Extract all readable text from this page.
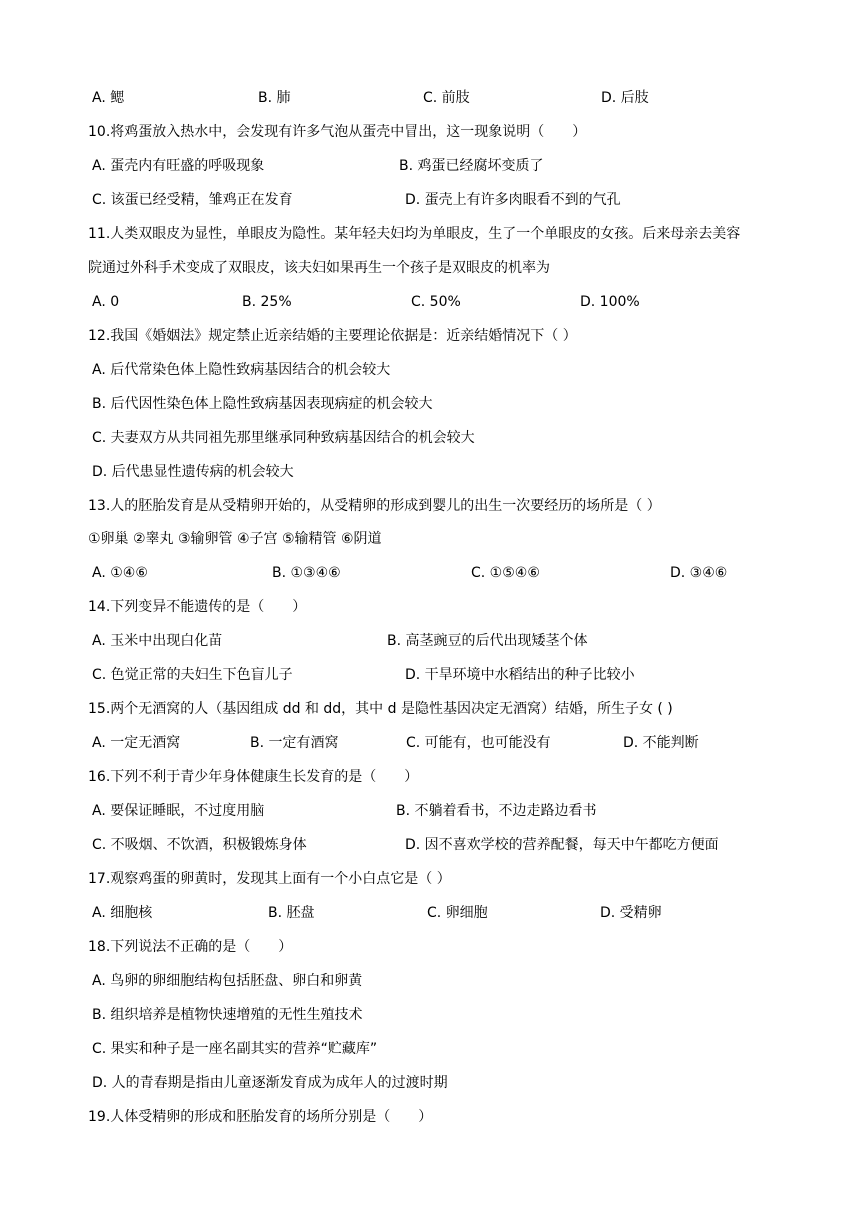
A. 鳃	B. 肺	C. 前肢	D. 后肢
10.将鸡蛋放入热水中，会发现有许多气泡从蛋壳中冒出，这一现象说明（　　）
A. 蛋壳内有旺盛的呼吸现象	B. 鸡蛋已经腐坏变质了
C. 该蛋已经受精，雏鸡正在发育	D. 蛋壳上有许多肉眼看不到的气孔
11.人类双眼皮为显性，单眼皮为隐性。某年轻夫妇均为单眼皮，生了一个单眼皮的女孩。后来母亲去美容
院通过外科手术变成了双眼皮，该夫妇如果再生一个孩子是双眼皮的机率为
A. 0	B. 25%	C. 50%	D. 100%
12.我国《婚姻法》规定禁止近亲结婚的主要理论依据是：近亲结婚情况下（ ）
A. 后代常染色体上隐性致病基因结合的机会较大
B. 后代因性染色体上隐性致病基因表现病症的机会较大
C. 夫妻双方从共同祖先那里继承同种致病基因结合的机会较大
D. 后代患显性遗传病的机会较大
13.人的胚胎发育是从受精卵开始的，从受精卵的形成到婴儿的出生一次要经历的场所是（ ）
①卵巢 ②睾丸 ③输卵管 ④子宫 ⑤输精管 ⑥阴道
A. ①④⑥	B. ①③④⑥	C. ①⑤④⑥	D. ③④⑥
14.下列变异不能遗传的是（　　）
A. 玉米中出现白化苗	B. 高茎豌豆的后代出现矮茎个体
C. 色觉正常的夫妇生下色盲儿子	D. 干旱环境中水稻结出的种子比较小
15.两个无酒窝的人（基因组成 dd 和 dd，其中 d 是隐性基因决定无酒窝）结婚，所生子女 ( )
A. 一定无酒窝	B. 一定有酒窝	C. 可能有，也可能没有	D. 不能判断
16.下列不利于青少年身体健康生长发育的是（　　）
A. 要保证睡眠，不过度用脑	B. 不躺着看书，不边走路边看书
C. 不吸烟、不饮酒，积极锻炼身体	D. 因不喜欢学校的营养配餐，每天中午都吃方便面
17.观察鸡蛋的卵黄时，发现其上面有一个小白点它是（ ）
A. 细胞核	B. 胚盘	C. 卵细胞	D. 受精卵
18.下列说法不正确的是（　　）
A. 鸟卵的卵细胞结构包括胚盘、卵白和卵黄
B. 组织培养是植物快速增殖的无性生殖技术
C. 果实和种子是一座名副其实的营养“贮藏库”
D. 人的青春期是指由儿童逐渐发育成为成年人的过渡时期
19.人体受精卵的形成和胚胎发育的场所分别是（　　）
